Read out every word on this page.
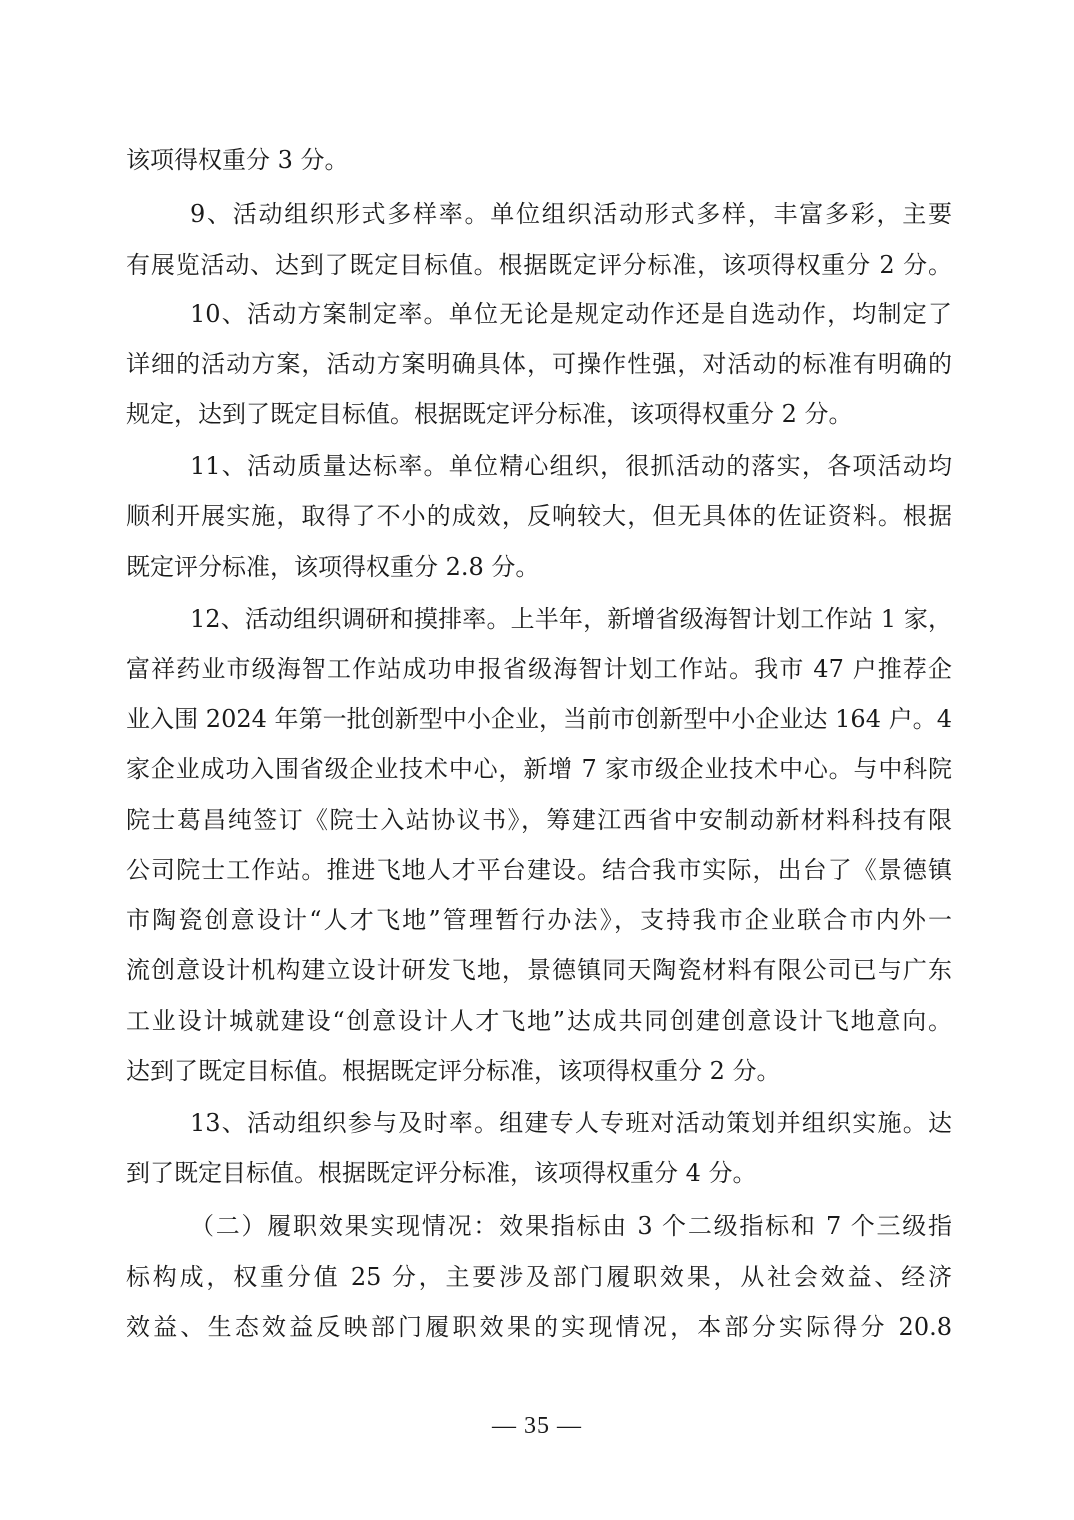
该项得权重分 3 分。
9、活动组织形式多样率。单位组织活动形式多样，丰富多彩，主要
有展览活动、达到了既定目标值。根据既定评分标准，该项得权重分 2 分。
10、活动方案制定率。单位无论是规定动作还是自选动作，均制定了
详细的活动方案，活动方案明确具体，可操作性强，对活动的标准有明确的
规定，达到了既定目标值。根据既定评分标准，该项得权重分 2 分。
11、活动质量达标率。单位精心组织，很抓活动的落实，各项活动均
顺利开展实施，取得了不小的成效，反响较大，但无具体的佐证资料。根据
既定评分标准，该项得权重分 2.8 分。
12、活动组织调研和摸排率。上半年，新增省级海智计划工作站 1 家，
富祥药业市级海智工作站成功申报省级海智计划工作站。我市 47 户推荐企
业入围 2024 年第一批创新型中小企业，当前市创新型中小企业达 164 户。4
家企业成功入围省级企业技术中心，新增 7 家市级企业技术中心。与中科院
院士葛昌纯签订《院士入站协议书》，筹建江西省中安制动新材料科技有限
公司院士工作站。推进飞地人才平台建设。结合我市实际，出台了《景德镇
市陶瓷创意设计“人才飞地”管理暂行办法》，支持我市企业联合市内外一
流创意设计机构建立设计研发飞地，景德镇同天陶瓷材料有限公司已与广东
工业设计城就建设“创意设计人才飞地”达成共同创建创意设计飞地意向。
达到了既定目标值。根据既定评分标准，该项得权重分 2 分。
13、活动组织参与及时率。组建专人专班对活动策划并组织实施。达
到了既定目标值。根据既定评分标准，该项得权重分 4 分。
（二）履职效果实现情况：效果指标由 3 个二级指标和 7 个三级指
标构成，权重分值 25 分，主要涉及部门履职效果，从社会效益、经济
效益、生态效益反映部门履职效果的实现情况，本部分实际得分 20.8
— 35 —
